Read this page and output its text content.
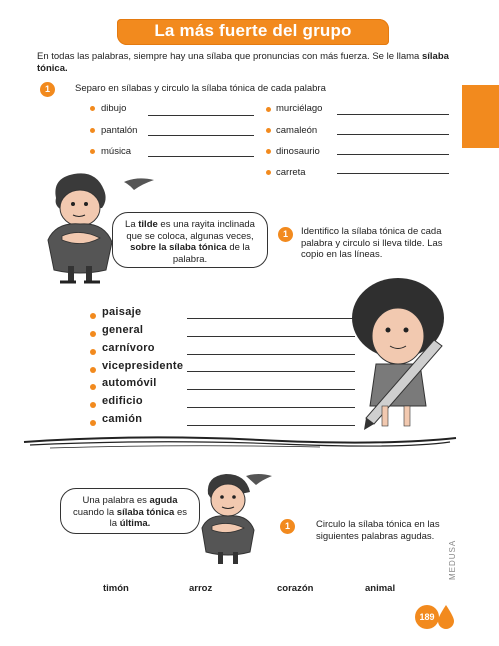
La más fuerte del grupo
En todas las palabras, siempre hay una sílaba que pronuncias con más fuerza. Se le llama sílaba tónica.
1	Separo en sílabas y circulo la sílaba tónica de cada palabra
dibujo
pantalón
música
murciélago
camaleón
dinosaurio
carreta
La tilde es una rayita inclinada que se coloca, algunas veces, sobre la sílaba tónica de la palabra.
1	Identifico la sílaba tónica de cada palabra y circulo si lleva tilde. Las copio en las líneas.
paisaje
general
carnívoro
vicepresidente
automóvil
edificio
camión
Una palabra es aguda cuando la sílaba tónica es la última.	1	Circulo la sílaba tónica en las siguientes palabras agudas.
timón	arroz	corazón	animal
MEDUSA
189
